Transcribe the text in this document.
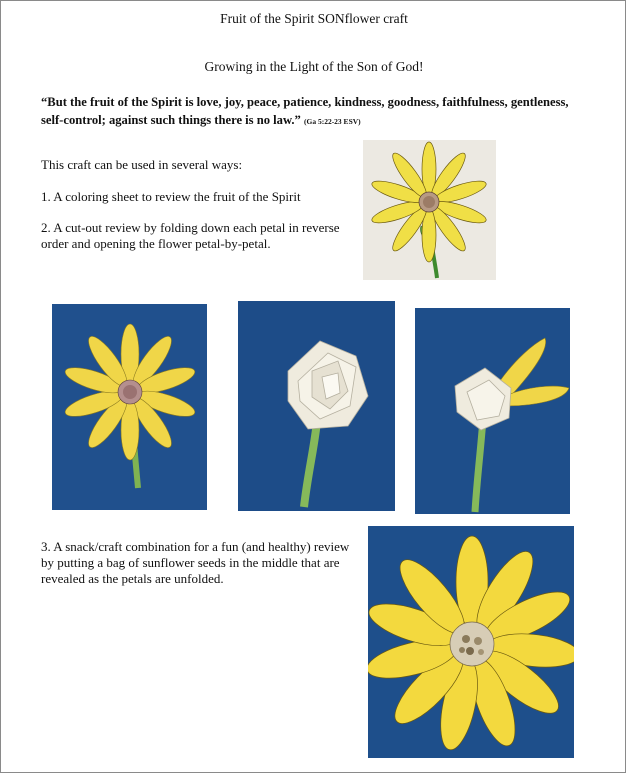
Fruit of the Spirit SONflower craft

Growing in the Light of the Son of God!

“But the fruit of the Spirit is love, joy, peace, patience, kindness, goodness, faithfulness, gentleness, self-control; against such things there is no law.” (Ga 5:22-23 ESV)

This craft can be used in several ways:

1. A coloring sheet to review the fruit of the Spirit

2. A cut-out review by folding down each petal in reverse order and opening the flower petal-by-petal.

3. A snack/craft combination for a fun (and healthy) review by putting a bag of sunflower seeds in the middle that are revealed as the petals are unfolded.
